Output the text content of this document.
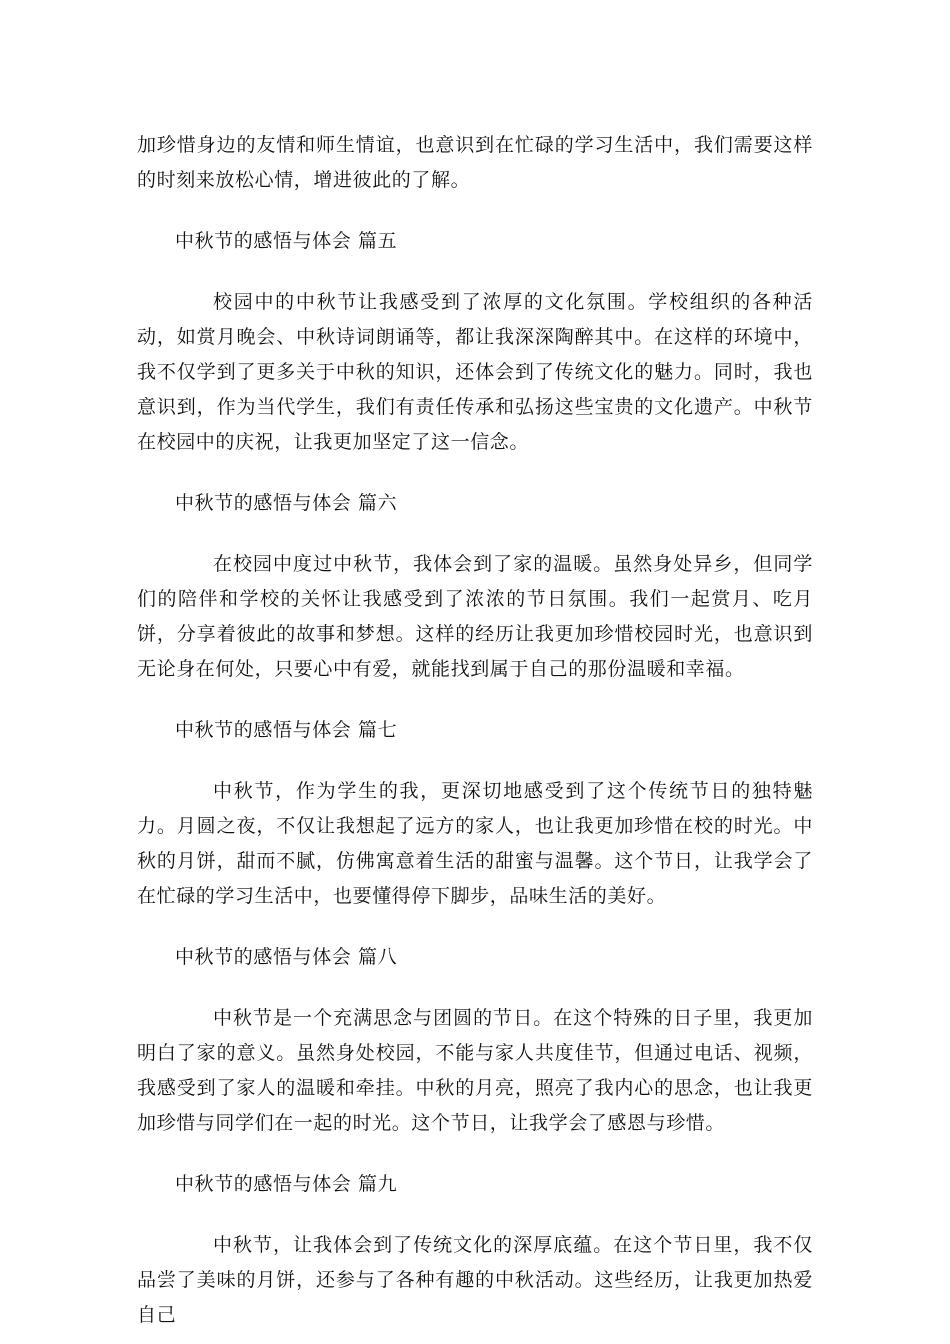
加珍惜身边的友情和师生情谊，也意识到在忙碌的学习生活中，我们需要这样的时刻来放松心情，增进彼此的了解。

中秋节的感悟与体会 篇五

校园中的中秋节让我感受到了浓厚的文化氛围。学校组织的各种活动，如赏月晚会、中秋诗词朗诵等，都让我深深陶醉其中。在这样的环境中，我不仅学到了更多关于中秋的知识，还体会到了传统文化的魅力。同时，我也意识到，作为当代学生，我们有责任传承和弘扬这些宝贵的文化遗产。中秋节在校园中的庆祝，让我更加坚定了这一信念。

中秋节的感悟与体会 篇六

在校园中度过中秋节，我体会到了家的温暖。虽然身处异乡，但同学们的陪伴和学校的关怀让我感受到了浓浓的节日氛围。我们一起赏月、吃月饼，分享着彼此的故事和梦想。这样的经历让我更加珍惜校园时光，也意识到无论身在何处，只要心中有爱，就能找到属于自己的那份温暖和幸福。

中秋节的感悟与体会 篇七

中秋节，作为学生的我，更深切地感受到了这个传统节日的独特魅力。月圆之夜，不仅让我想起了远方的家人，也让我更加珍惜在校的时光。中秋的月饼，甜而不腻，仿佛寓意着生活的甜蜜与温馨。这个节日，让我学会了在忙碌的学习生活中，也要懂得停下脚步，品味生活的美好。

中秋节的感悟与体会 篇八

中秋节是一个充满思念与团圆的节日。在这个特殊的日子里，我更加明白了家的意义。虽然身处校园，不能与家人共度佳节，但通过电话、视频，我感受到了家人的温暖和牵挂。中秋的月亮，照亮了我内心的思念，也让我更加珍惜与同学们在一起的时光。这个节日，让我学会了感恩与珍惜。

中秋节的感悟与体会 篇九

中秋节，让我体会到了传统文化的深厚底蕴。在这个节日里，我不仅品尝了美味的月饼，还参与了各种有趣的中秋活动。这些经历，让我更加热爱自己
